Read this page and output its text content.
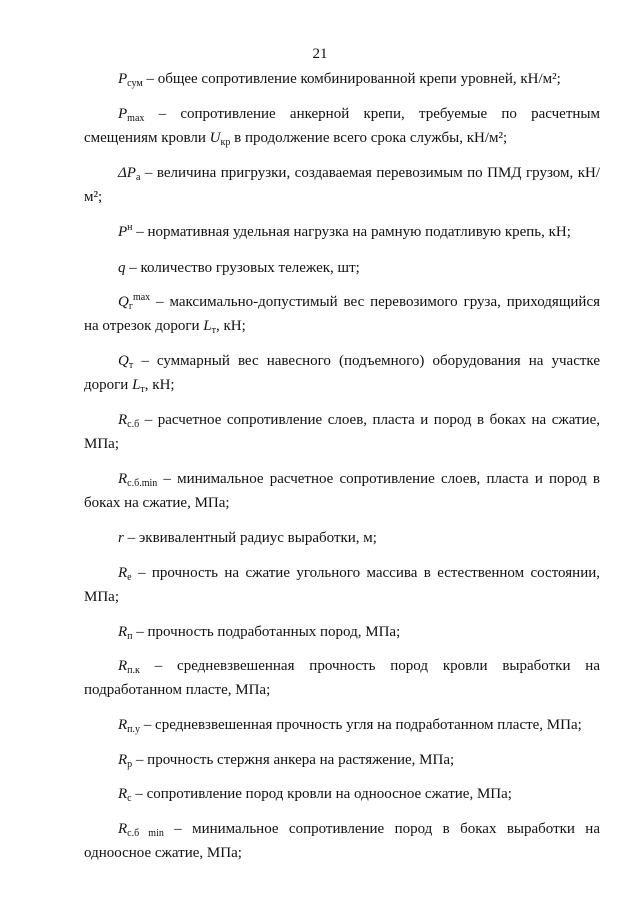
21

$P_{сум}$ – общее сопротивление комбинированной крепи уровней, кН/м²;

$P_{max}$ – сопротивление анкерной крепи, требуемые по расчетным смещениям кровли $U_{кр}$ в продолжение всего срока службы, кН/м²;

$\Delta P_a$ – величина пригрузки, создаваемая перевозимым по ПМД грузом, кН/м²;

$P^н$ – нормативная удельная нагрузка на рамную податливую крепь, кН;

q – количество грузовых тележек, шт;

$Q_г^{max}$ – максимально-допустимый вес перевозимого груза, приходящийся на отрезок дороги $L_т$, кН;

$Q_т$ – суммарный вес навесного (подъемного) оборудования на участке дороги $L_т$, кН;

$R_{с.б}$ – расчетное сопротивление слоев, пласта и пород в боках на сжатие, МПа;

$R_{с.б.min}$ – минимальное расчетное сопротивление слоев, пласта и пород в боках на сжатие, МПа;

r – эквивалентный радиус выработки, м;

$R_е$ – прочность на сжатие угольного массива в естественном состоянии, МПа;

$R_п$ – прочность подработанных пород, МПа;

$R_{п.к}$ – средневзвешенная прочность пород кровли выработки на подработанном пласте, МПа;

$R_{п.у}$ – средневзвешенная прочность угля на подработанном пласте, МПа;

$R_р$ – прочность стержня анкера на растяжение, МПа;

$R_с$ – сопротивление пород кровли на одноосное сжатие, МПа;

$R_{с.б min}$ – минимальное сопротивление пород в боках выработки на одноосное сжатие, МПа;
